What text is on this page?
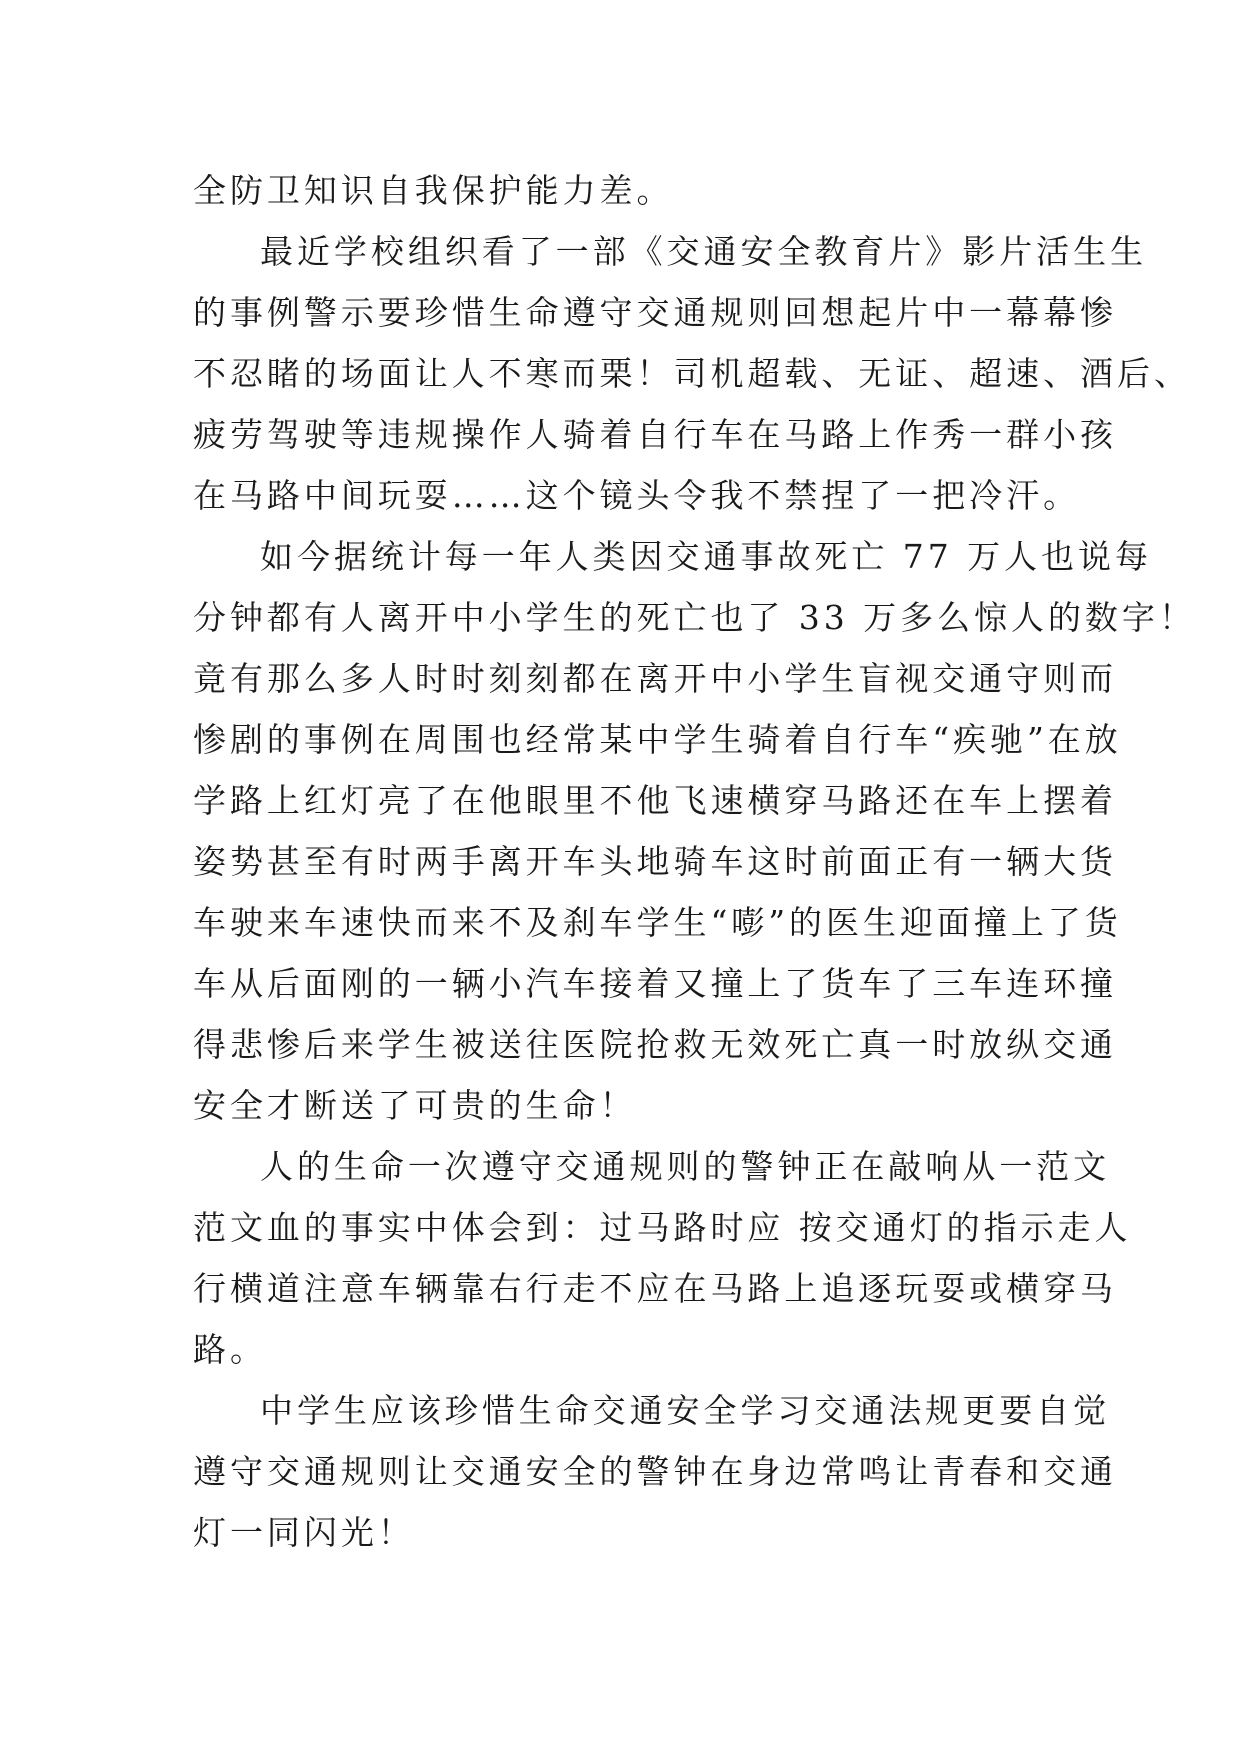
全防卫知识自我保护能力差。
最近学校组织看了一部《交通安全教育片》影片活生生
的事例警示要珍惜生命遵守交通规则回想起片中一幕幕惨
不忍睹的场面让人不寒而栗！司机超载、无证、超速、酒后、
疲劳驾驶等违规操作人骑着自行车在马路上作秀一群小孩
在马路中间玩耍……这个镜头令我不禁捏了一把冷汗。
如今据统计每一年人类因交通事故死亡 77 万人也说每
分钟都有人离开中小学生的死亡也了 33 万多么惊人的数字！
竟有那么多人时时刻刻都在离开中小学生盲视交通守则而
惨剧的事例在周围也经常某中学生骑着自行车“疾驰”在放
学路上红灯亮了在他眼里不他飞速横穿马路还在车上摆着
姿势甚至有时两手离开车头地骑车这时前面正有一辆大货
车驶来车速快而来不及刹车学生“嘭”的医生迎面撞上了货
车从后面刚的一辆小汽车接着又撞上了货车了三车连环撞
得悲惨后来学生被送往医院抢救无效死亡真一时放纵交通
安全才断送了可贵的生命！
人的生命一次遵守交通规则的警钟正在敲响从一范文
范文血的事实中体会到：过马路时应 按交通灯的指示走人
行横道注意车辆靠右行走不应在马路上追逐玩耍或横穿马
路。
中学生应该珍惜生命交通安全学习交通法规更要自觉
遵守交通规则让交通安全的警钟在身边常鸣让青春和交通
灯一同闪光！
